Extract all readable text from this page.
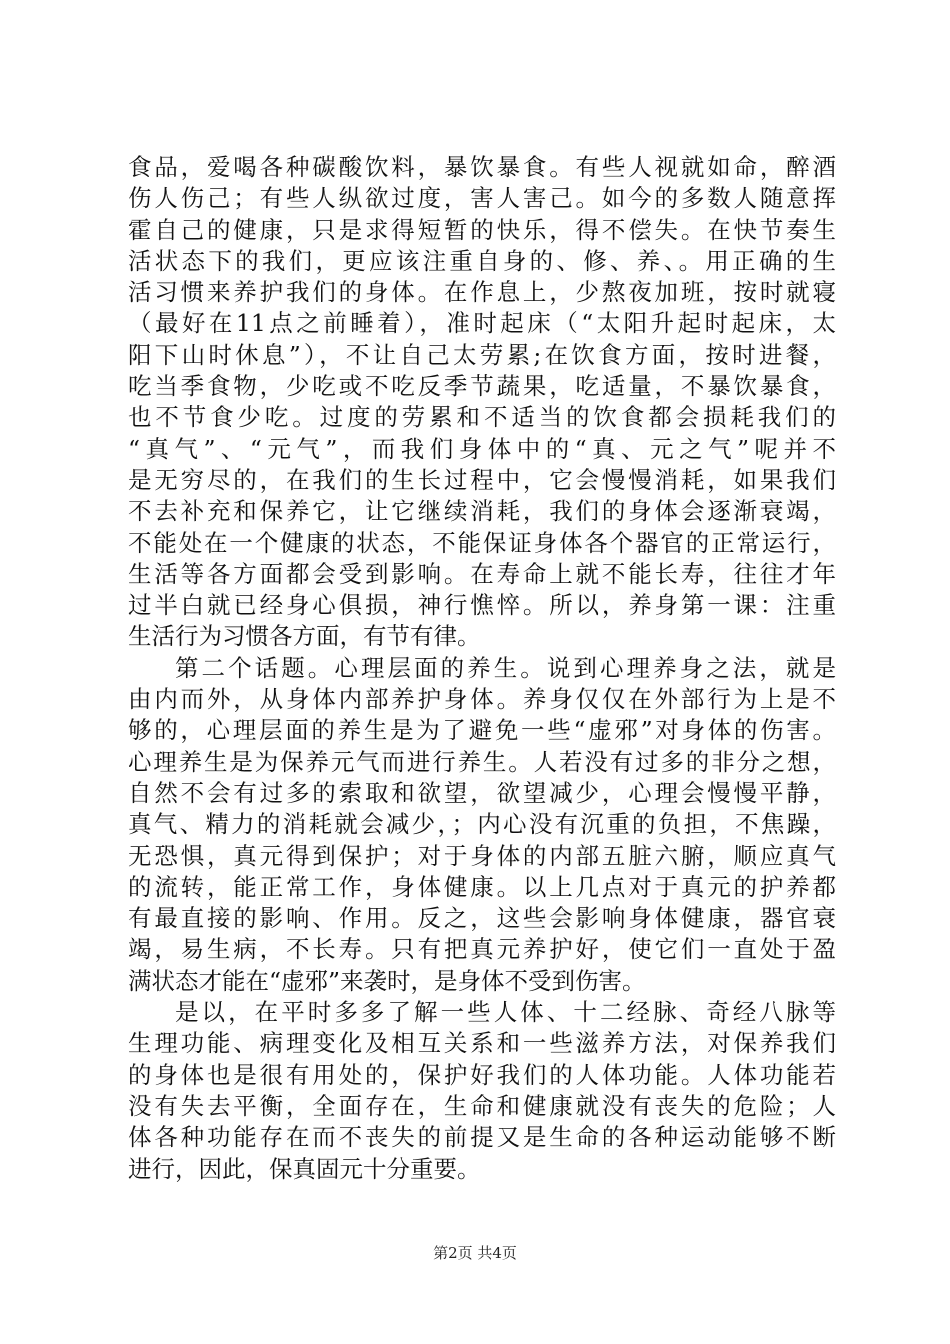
食品，爱喝各种碳酸饮料，暴饮暴食。有些人视就如命，醉酒
伤人伤己；有些人纵欲过度，害人害己。如今的多数人随意挥
霍自己的健康，只是求得短暂的快乐，得不偿失。在快节奏生
活状态下的我们，更应该注重自身的、修、养、。用正确的生
活习惯来养护我们的身体。在作息上，少熬夜加班，按时就寝
（最好在11点之前睡着），准时起床（“太阳升起时起床，太
阳下山时休息”），不让自己太劳累;在饮食方面，按时进餐，
吃当季食物，少吃或不吃反季节蔬果，吃适量，不暴饮暴食，
也不节食少吃。过度的劳累和不适当的饮食都会损耗我们的
“真气”、“元气”，而我们身体中的“真、元之气”呢并不
是无穷尽的，在我们的生长过程中，它会慢慢消耗，如果我们
不去补充和保养它，让它继续消耗，我们的身体会逐渐衰竭，
不能处在一个健康的状态，不能保证身体各个器官的正常运行，
生活等各方面都会受到影响。在寿命上就不能长寿，往往才年
过半白就已经身心俱损，神行憔悴。所以，养身第一课：注重
生活行为习惯各方面，有节有律。
第二个话题。心理层面的养生。说到心理养身之法，就是
由内而外，从身体内部养护身体。养身仅仅在外部行为上是不
够的，心理层面的养生是为了避免一些“虚邪”对身体的伤害。
心理养生是为保养元气而进行养生。人若没有过多的非分之想，
自然不会有过多的索取和欲望，欲望减少，心理会慢慢平静，
真气、精力的消耗就会减少，；内心没有沉重的负担，不焦躁，
无恐惧，真元得到保护；对于身体的内部五脏六腑，顺应真气
的流转，能正常工作，身体健康。以上几点对于真元的护养都
有最直接的影响、作用。反之，这些会影响身体健康，器官衰
竭，易生病，不长寿。只有把真元养护好，使它们一直处于盈
满状态才能在“虚邪”来袭时，是身体不受到伤害。
是以，在平时多多了解一些人体、十二经脉、奇经八脉等
生理功能、病理变化及相互关系和一些滋养方法，对保养我们
的身体也是很有用处的，保护好我们的人体功能。人体功能若
没有失去平衡，全面存在，生命和健康就没有丧失的危险；人
体各种功能存在而不丧失的前提又是生命的各种运动能够不断
进行，因此，保真固元十分重要。
第2页 共4页
